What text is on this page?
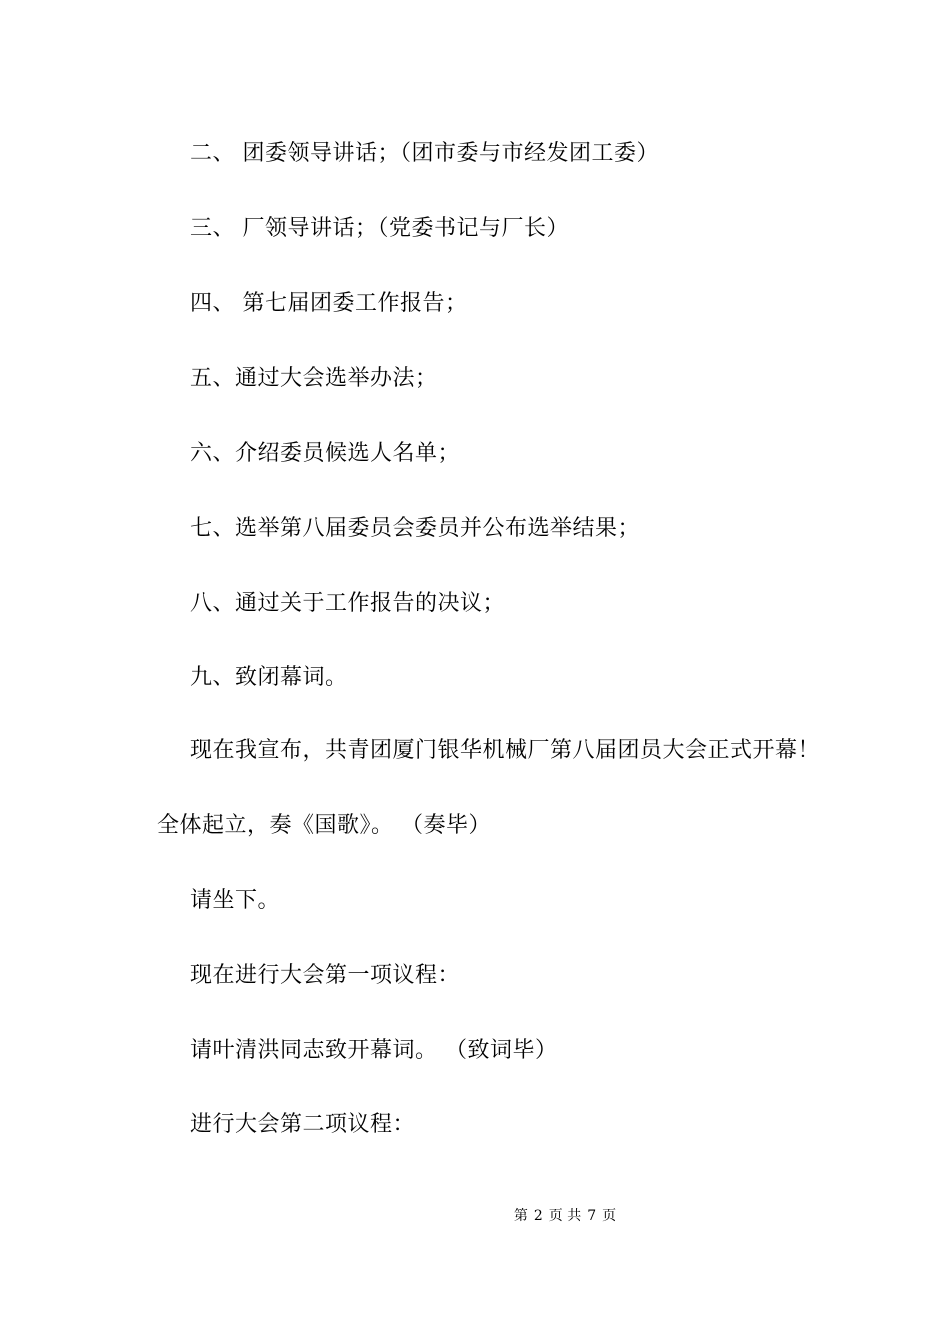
二、 团委领导讲话；（团市委与市经发团工委）
三、 厂领导讲话；（党委书记与厂长）
四、 第七届团委工作报告；
五、通过大会选举办法；
六、介绍委员候选人名单；
七、选举第八届委员会委员并公布选举结果；
八、通过关于工作报告的决议；
九、致闭幕词。
现在我宣布，共青团厦门银华机械厂第八届团员大会正式开幕！
全体起立，奏《国歌》。 （奏毕）
请坐下。
现在进行大会第一项议程：
请叶清洪同志致开幕词。 （致词毕）
进行大会第二项议程：
第 2 页 共 7 页
